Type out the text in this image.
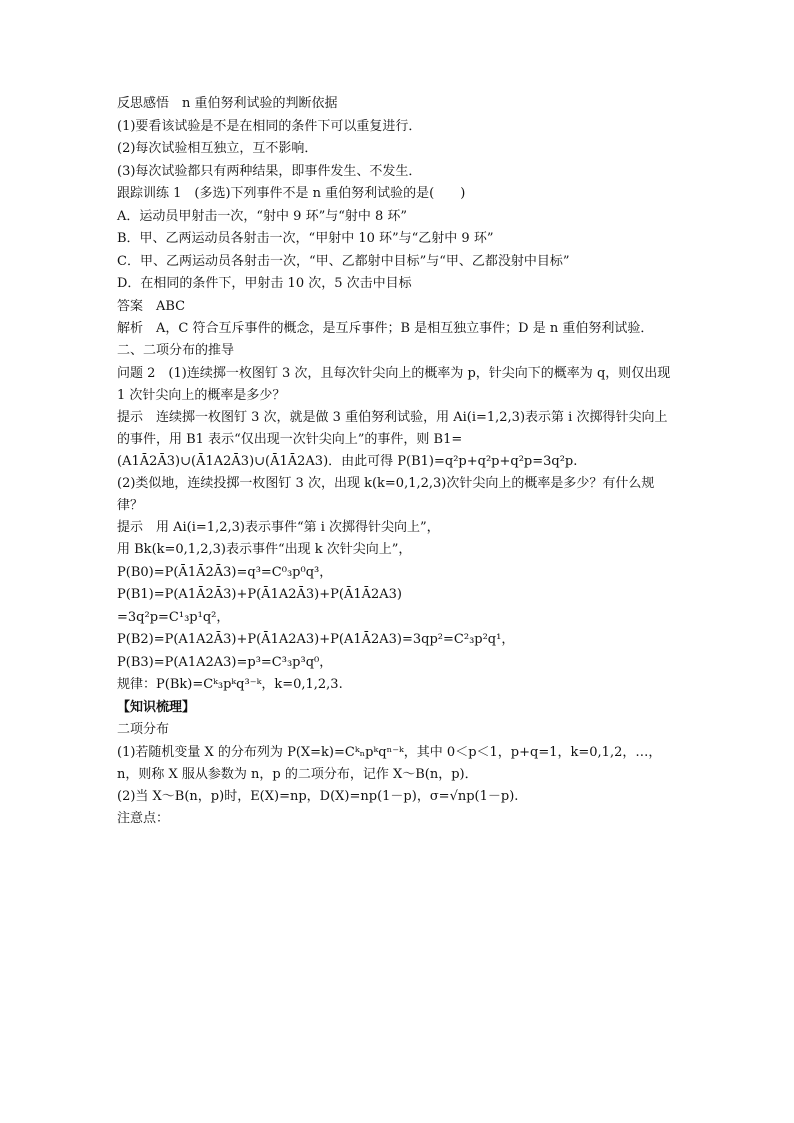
反思感悟　n 重伯努利试验的判断依据
(1)要看该试验是不是在相同的条件下可以重复进行．
(2)每次试验相互独立，互不影响．
(3)每次试验都只有两种结果，即事件发生、不发生．
跟踪训练 1　(多选)下列事件不是 n 重伯努利试验的是(　　)
A．运动员甲射击一次，“射中 9 环”与“射中 8 环”
B．甲、乙两运动员各射击一次，“甲射中 10 环”与“乙射中 9 环”
C．甲、乙两运动员各射击一次，“甲、乙都射中目标”与“甲、乙都没射中目标”
D．在相同的条件下，甲射击 10 次，5 次击中目标
答案　ABC
解析　A，C 符合互斥事件的概念，是互斥事件；B 是相互独立事件；D 是 n 重伯努利试验．
二、二项分布的推导
问题 2　(1)连续掷一枚图钉 3 次，且每次针尖向上的概率为 p，针尖向下的概率为 q，则仅出现 1 次针尖向上的概率是多少？
提示　连续掷一枚图钉 3 次，就是做 3 重伯努利试验，用 Ai(i=1,2,3)表示第 i 次掷得针尖向上的事件，用 B1 表示“仅出现一次针尖向上”的事件，则 B1=(A1Ā2Ā3)∪(Ā1A2Ā3)∪(Ā1Ā2A3)．由此可得 P(B1)=q²p+q²p+q²p=3q²p.
(2)类似地，连续投掷一枚图钉 3 次，出现 k(k=0,1,2,3)次针尖向上的概率是多少？有什么规律？
提示　用 Ai(i=1,2,3)表示事件“第 i 次掷得针尖向上”，
用 Bk(k=0,1,2,3)表示事件“出现 k 次针尖向上”，
P(B0)=P(Ā1Ā2Ā3)=q³=C⁰₃p⁰q³，
P(B1)=P(A1Ā2Ā3)+P(Ā1A2Ā3)+P(Ā1Ā2A3)
=3q²p=C¹₃p¹q²，
P(B2)=P(A1A2Ā3)+P(Ā1A2A3)+P(A1Ā2A3)=3qp²=C²₃p²q¹，
P(B3)=P(A1A2A3)=p³=C³₃p³q⁰，
规律：P(Bk)=Cᵏ₃pᵏq³⁻ᵏ，k=0,1,2,3.
【知识梳理】
二项分布
(1)若随机变量 X 的分布列为 P(X=k)=Cᵏₙpᵏqⁿ⁻ᵏ，其中 0＜p＜1，p+q=1，k=0,1,2，…，n，则称 X 服从参数为 n，p 的二项分布，记作 X～B(n，p)．
(2)当 X～B(n，p)时，E(X)=np，D(X)=np(1－p)，σ=√np(1－p).
注意点：
